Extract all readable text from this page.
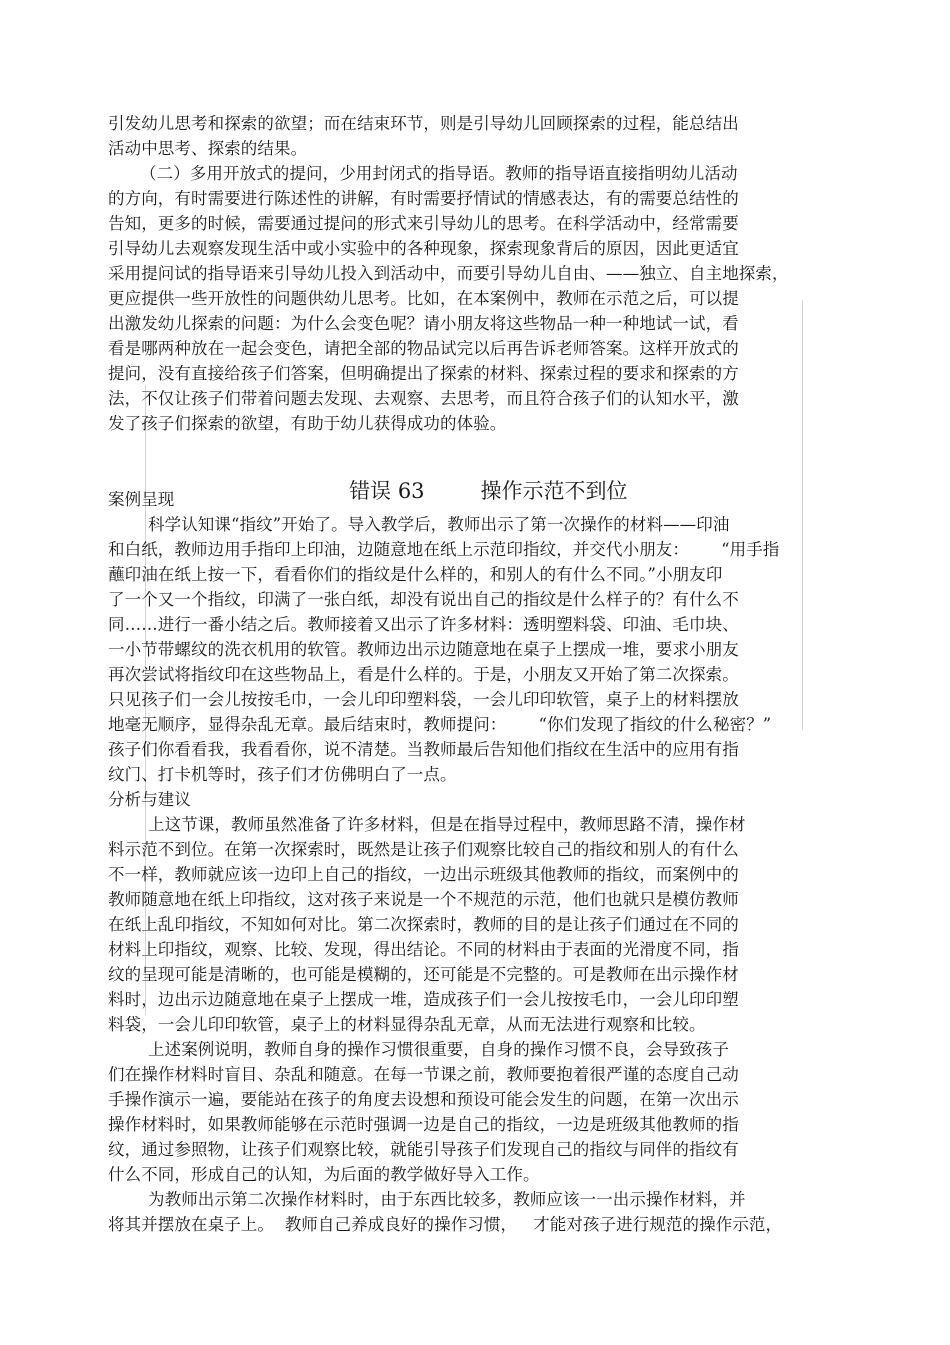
引发幼儿思考和探索的欲望；而在结束环节，则是引导幼儿回顾探索的过程，能总结出
活动中思考、探索的结果。
（二）多用开放式的提问，少用封闭式的指导语。教师的指导语直接指明幼儿活动
的方向，有时需要进行陈述性的讲解，有时需要抒情试的情感表达，有的需要总结性的
告知，更多的时候，需要通过提问的形式来引导幼儿的思考。在科学活动中，经常需要
引导幼儿去观察发现生活中或小实验中的各种现象，探索现象背后的原因，因此更适宜
采用提问试的指导语来引导幼儿投入到活动中，而要引导幼儿自由、——独立、自主地探索，
更应提供一些开放性的问题供幼儿思考。比如，在本案例中，教师在示范之后，可以提
出激发幼儿探索的问题：为什么会变色呢？请小朋友将这些物品一种一种地试一试，看
看是哪两种放在一起会变色，请把全部的物品试完以后再告诉老师答案。这样开放式的
提问，没有直接给孩子们答案，但明确提出了探索的材料、探索过程的要求和探索的方
法，不仅让孩子们带着问题去发现、去观察、去思考，而且符合孩子们的认知水平，激
发了孩子们探索的欲望，有助于幼儿获得成功的体验。

错误 63	操作示范不到位

案例呈现
科学认知课“指纹”开始了。导入教学后，教师出示了第一次操作的材料——印油
和白纸，教师边用手指印上印油，边随意地在纸上示范印指纹，并交代小朋友：      “用手指
蘸印油在纸上按一下，看看你们的指纹是什么样的，和别人的有什么不同。”小朋友印
了一个又一个指纹，印满了一张白纸，却没有说出自己的指纹是什么样子的？有什么不
同……进行一番小结之后。教师接着又出示了许多材料：透明塑料袋、印油、毛巾块、
一小节带螺纹的洗衣机用的软管。教师边出示边随意地在桌子上摆成一堆，要求小朋友
再次尝试将指纹印在这些物品上，看是什么样的。于是，小朋友又开始了第二次探索。
只见孩子们一会儿按按毛巾，一会儿印印塑料袋，一会儿印印软管，桌子上的材料摆放
地毫无顺序，显得杂乱无章。最后结束时，教师提问：      “你们发现了指纹的什么秘密？”
孩子们你看看我，我看看你，说不清楚。当教师最后告知他们指纹在生活中的应用有指
纹门、打卡机等时，孩子们才仿佛明白了一点。
分析与建议
上这节课，教师虽然准备了许多材料，但是在指导过程中，教师思路不清，操作材
料示范不到位。在第一次探索时，既然是让孩子们观察比较自己的指纹和别人的有什么
不一样，教师就应该一边印上自己的指纹，一边出示班级其他教师的指纹，而案例中的
教师随意地在纸上印指纹，这对孩子来说是一个不规范的示范，他们也就只是模仿教师
在纸上乱印指纹，不知如何对比。第二次探索时，教师的目的是让孩子们通过在不同的
材料上印指纹，观察、比较、发现，得出结论。不同的材料由于表面的光滑度不同，指
纹的呈现可能是清晰的，也可能是模糊的，还可能是不完整的。可是教师在出示操作材
料时，边出示边随意地在桌子上摆成一堆，造成孩子们一会儿按按毛巾，一会儿印印塑
料袋，一会儿印印软管，桌子上的材料显得杂乱无章，从而无法进行观察和比较。
上述案例说明，教师自身的操作习惯很重要，自身的操作习惯不良，会导致孩子
们在操作材料时盲目、杂乱和随意。在每一节课之前，教师要抱着很严谨的态度自己动
手操作演示一遍，要能站在孩子的角度去设想和预设可能会发生的问题，在第一次出示
操作材料时，如果教师能够在示范时强调一边是自己的指纹，一边是班级其他教师的指
纹，通过参照物，让孩子们观察比较，就能引导孩子们发现自己的指纹与同伴的指纹有
什么不同，形成自己的认知，为后面的教学做好导入工作。
为教师出示第二次操作材料时，由于东西比较多，教师应该一一出示操作材料，并
将其并摆放在桌子上。  教师自己养成良好的操作习惯，   才能对孩子进行规范的操作示范，
